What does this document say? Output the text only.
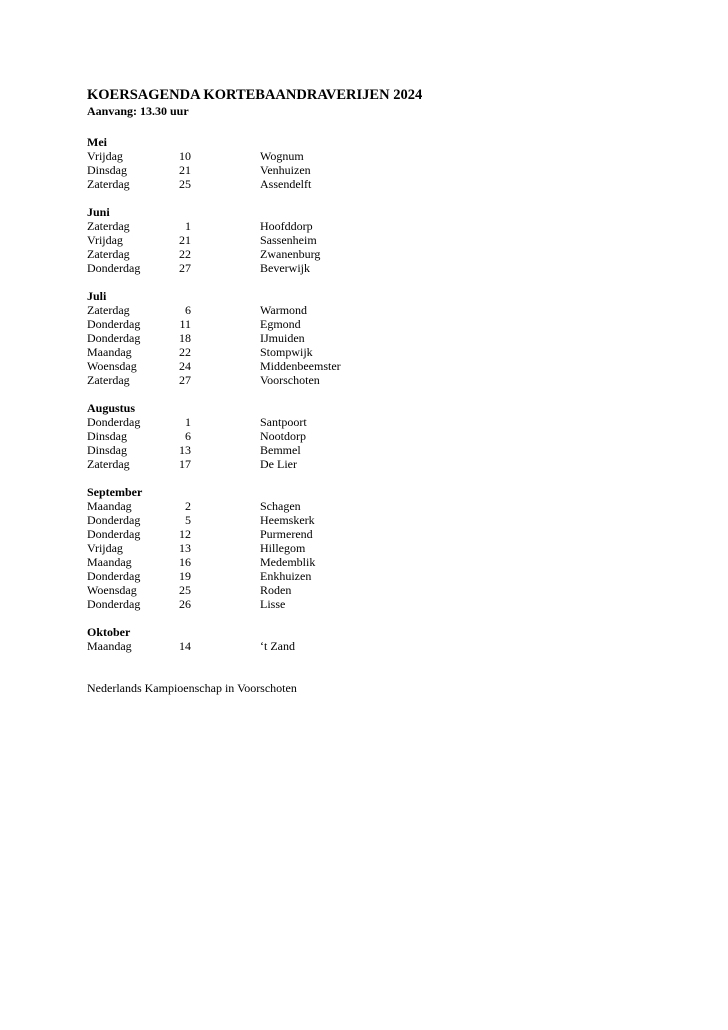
KOERSAGENDA KORTEBAANDRAVERIJEN 2024
Aanvang: 13.30 uur
Mei
Vrijdag	10	Wognum
Dinsdag	21	Venhuizen
Zaterdag	25	Assendelft
Juni
Zaterdag	1	Hoofddorp
Vrijdag	21	Sassenheim
Zaterdag	22	Zwanenburg
Donderdag	27	Beverwijk
Juli
Zaterdag	6	Warmond
Donderdag	11	Egmond
Donderdag	18	IJmuiden
Maandag	22	Stompwijk
Woensdag	24	Middenbeemster
Zaterdag	27	Voorschoten
Augustus
Donderdag	1	Santpoort
Dinsdag	6	Nootdorp
Dinsdag	13	Bemmel
Zaterdag	17	De Lier
September
Maandag	2	Schagen
Donderdag	5	Heemskerk
Donderdag	12	Purmerend
Vrijdag	13	Hillegom
Maandag	16	Medemblik
Donderdag	19	Enkhuizen
Woensdag	25	Roden
Donderdag	26	Lisse
Oktober
Maandag	14	‘t Zand
Nederlands Kampioenschap in Voorschoten
